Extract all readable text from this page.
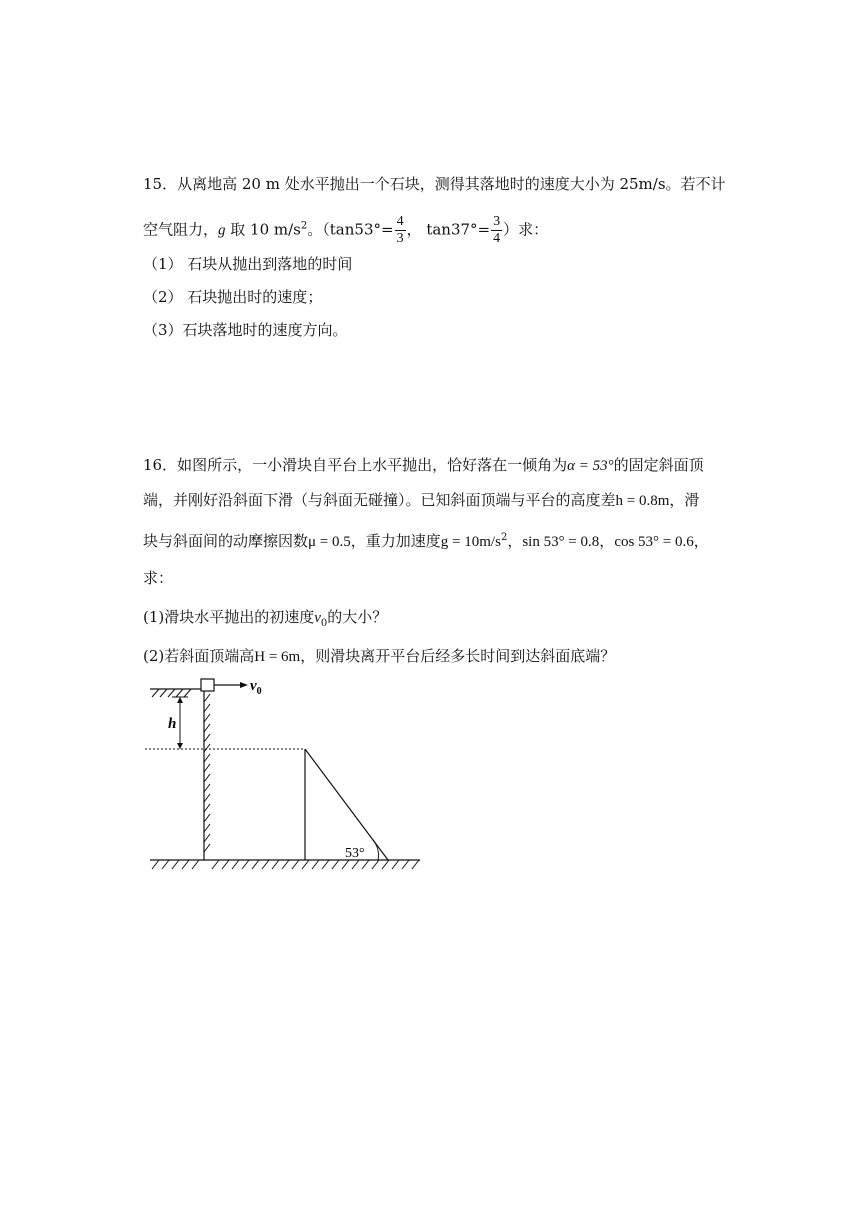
15．从离地高 20 m 处水平抛出一个石块，测得其落地时的速度大小为 25m/s。若不计
空气阻力，g 取 10 $m/s^2$。（$\tan 53^\circ= \frac{4}{3}$ ， $\tan 37^\circ= \frac{3}{4}$ ）求：
（1） 石块从抛出到落地的时间
（2） 石块抛出时的速度；
（3）石块落地时的速度方向。
16．如图所示，一小滑块自平台上水平抛出，恰好落在一倾角为α = 53°的固定斜面顶
端，并刚好沿斜面下滑（与斜面无碰撞）。已知斜面顶端与平台的高度差h = 0.8m，滑
块与斜面间的动摩擦因数μ = 0.5，重力加速度$g = 10m/s^2$，sin 53° = 0.8，cos 53° = 0.6，
求：
(1)滑块水平抛出的初速度$v_0$的大小？
(2)若斜面顶端高H = 6m，则滑块离开平台后经多长时间到达斜面底端？
$v_0$
h
53°
